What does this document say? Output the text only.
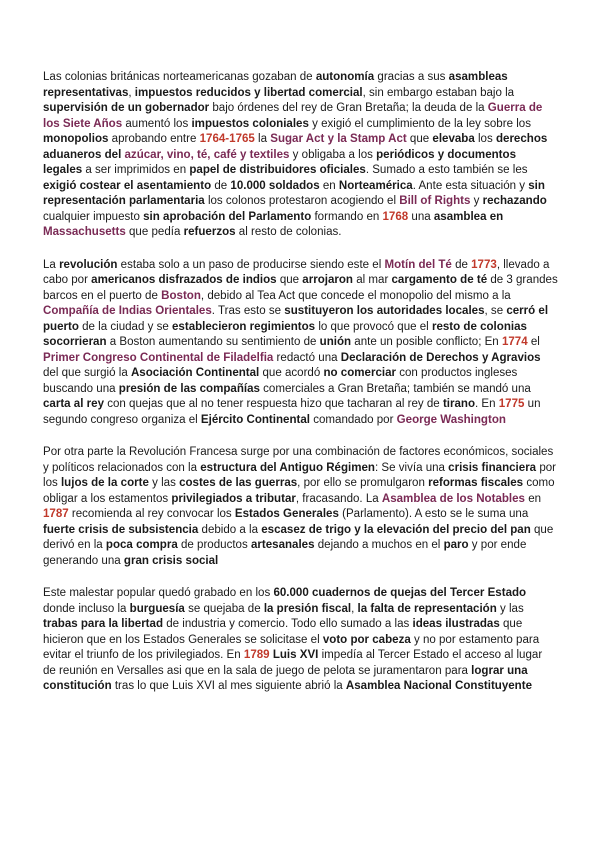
Las colonias británicas norteamericanas gozaban de autonomía gracias a sus asambleas representativas, impuestos reducidos y libertad comercial, sin embargo estaban bajo la supervisión de un gobernador bajo órdenes del rey de Gran Bretaña; la deuda de la Guerra de los Siete Años aumentó los impuestos coloniales y exigió el cumplimiento de la ley sobre los monopolios aprobando entre 1764-1765 la Sugar Act y la Stamp Act que elevaba los derechos aduaneros del azúcar, vino, té, café y textiles y obligaba a los periódicos y documentos legales a ser imprimidos en papel de distribuidores oficiales. Sumado a esto también se les exigió costear el asentamiento de 10.000 soldados en Norteamérica. Ante esta situación y sin representación parlamentaria los colonos protestaron acogiendo el Bill of Rights y rechazando cualquier impuesto sin aprobación del Parlamento formando en 1768 una asamblea en Massachusetts que pedía refuerzos al resto de colonias.

La revolución estaba solo a un paso de producirse siendo este el Motín del Té de 1773, llevado a cabo por americanos disfrazados de indios que arrojaron al mar cargamento de té de 3 grandes barcos en el puerto de Boston, debido al Tea Act que concede el monopolio del mismo a la Compañía de Indias Orientales. Tras esto se sustituyeron los autoridades locales, se cerró el puerto de la ciudad y se establecieron regimientos lo que provocó que el resto de colonias socorrieran a Boston aumentando su sentimiento de unión ante un posible conflicto; En 1774 el Primer Congreso Continental de Filadelfia redactó una Declaración de Derechos y Agravios del que surgió la Asociación Continental que acordó no comerciar con productos ingleses buscando una presión de las compañías comerciales a Gran Bretaña; también se mandó una carta al rey con quejas que al no tener respuesta hizo que tacharan al rey de tirano. En 1775 un segundo congreso organiza el Ejército Continental comandado por George Washington

Por otra parte la Revolución Francesa surge por una combinación de factores económicos, sociales y políticos relacionados con la estructura del Antiguo Régimen: Se vivía una crisis financiera por los lujos de la corte y las costes de las guerras, por ello se promulgaron reformas fiscales como obligar a los estamentos privilegiados a tributar, fracasando. La Asamblea de los Notables en 1787 recomienda al rey convocar los Estados Generales (Parlamento). A esto se le suma una fuerte crisis de subsistencia debido a la escasez de trigo y la elevación del precio del pan que derivó en la poca compra de productos artesanales dejando a muchos en el paro y por ende generando una gran crisis social

Este malestar popular quedó grabado en los 60.000 cuadernos de quejas del Tercer Estado donde incluso la burguesía se quejaba de la presión fiscal, la falta de representación y las trabas para la libertad de industria y comercio. Todo ello sumado a las ideas ilustradas que hicieron que en los Estados Generales se solicitase el voto por cabeza y no por estamento para evitar el triunfo de los privilegiados. En 1789 Luis XVI impedía al Tercer Estado el acceso al lugar de reunión en Versalles asi que en la sala de juego de pelota se juramentaron para lograr una constitución tras lo que Luis XVI al mes siguiente abrió la Asamblea Nacional Constituyente
